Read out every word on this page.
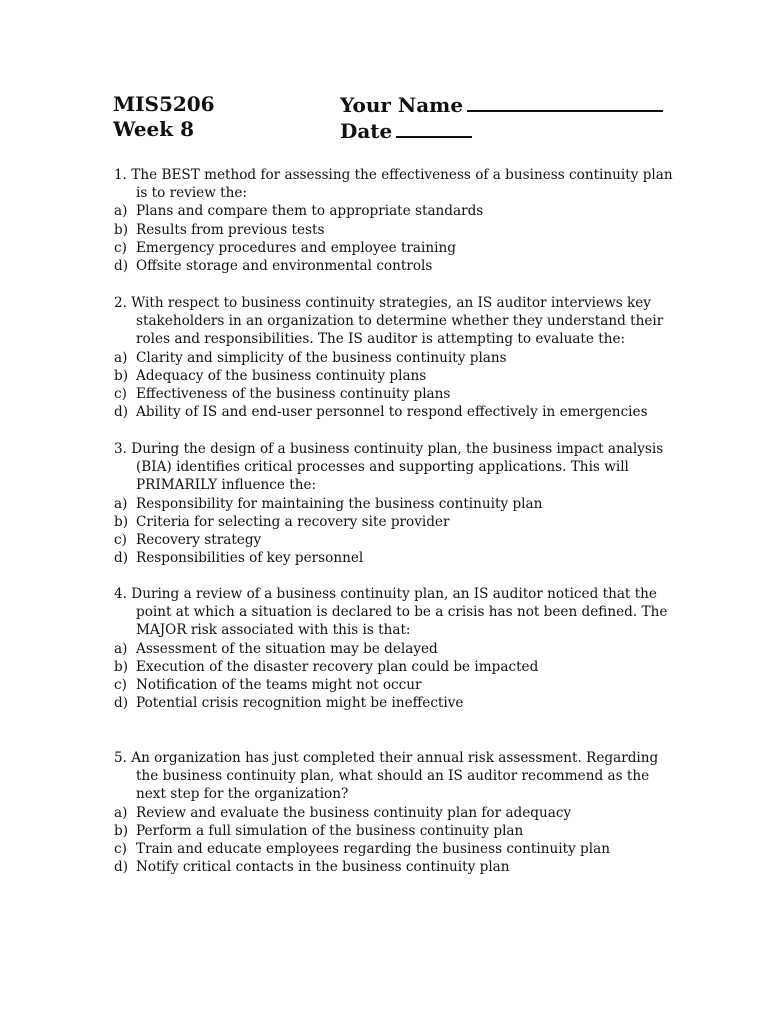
MIS5206
Week 8
Your Name
Date
1. The BEST method for assessing the effectiveness of a business continuity plan is to review the:
a) Plans and compare them to appropriate standards
b) Results from previous tests
c) Emergency procedures and employee training
d) Offsite storage and environmental controls
2. With respect to business continuity strategies, an IS auditor interviews key stakeholders in an organization to determine whether they understand their roles and responsibilities. The IS auditor is attempting to evaluate the:
a) Clarity and simplicity of the business continuity plans
b) Adequacy of the business continuity plans
c) Effectiveness of the business continuity plans
d) Ability of IS and end-user personnel to respond effectively in emergencies
3. During the design of a business continuity plan, the business impact analysis (BIA) identifies critical processes and supporting applications. This will PRIMARILY influence the:
a) Responsibility for maintaining the business continuity plan
b) Criteria for selecting a recovery site provider
c) Recovery strategy
d) Responsibilities of key personnel
4. During a review of a business continuity plan, an IS auditor noticed that the point at which a situation is declared to be a crisis has not been defined. The MAJOR risk associated with this is that:
a) Assessment of the situation may be delayed
b) Execution of the disaster recovery plan could be impacted
c) Notification of the teams might not occur
d) Potential crisis recognition might be ineffective
5. An organization has just completed their annual risk assessment. Regarding the business continuity plan, what should an IS auditor recommend as the next step for the organization?
a) Review and evaluate the business continuity plan for adequacy
b) Perform a full simulation of the business continuity plan
c) Train and educate employees regarding the business continuity plan
d) Notify critical contacts in the business continuity plan
